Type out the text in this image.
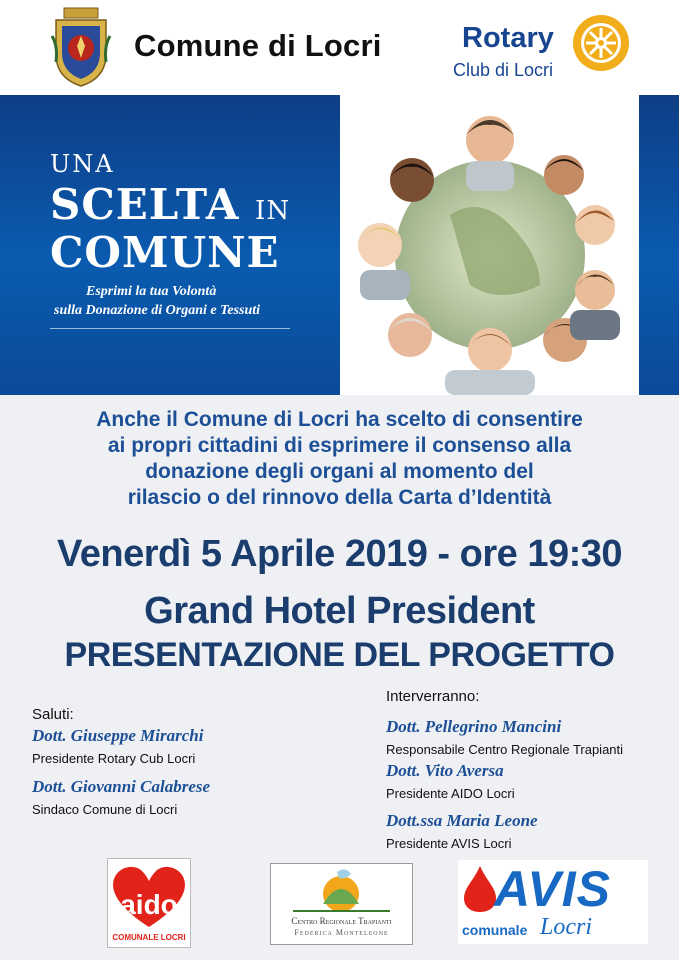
Comune di Locri	Rotary
Club di Locri
UNA
SCELTA IN
COMUNE
Esprimi la tua Volontà
sulla Donazione di Organi e Tessuti
Anche il Comune di Locri ha scelto di consentire
ai propri cittadini di esprimere il consenso alla
donazione degli organi al momento del
rilascio o del rinnovo della Carta d’Identità
Venerdì 5 Aprile 2019 - ore 19:30
Grand Hotel President
PRESENTAZIONE DEL PROGETTO
Saluti:
Dott. Giuseppe Mirarchi
Presidente Rotary Cub Locri
Dott. Giovanni Calabrese
Sindaco Comune di Locri
Interverranno:
Dott. Pellegrino Mancini
Responsabile Centro Regionale Trapianti
Dott. Vito Aversa
Presidente AIDO Locri
Dott.ssa Maria Leone
Presidente AVIS Locri
aido
COMUNALE LOCRI
Centro Regionale Trapianti
Federica Monteleone
AVIS
comunale Locri
